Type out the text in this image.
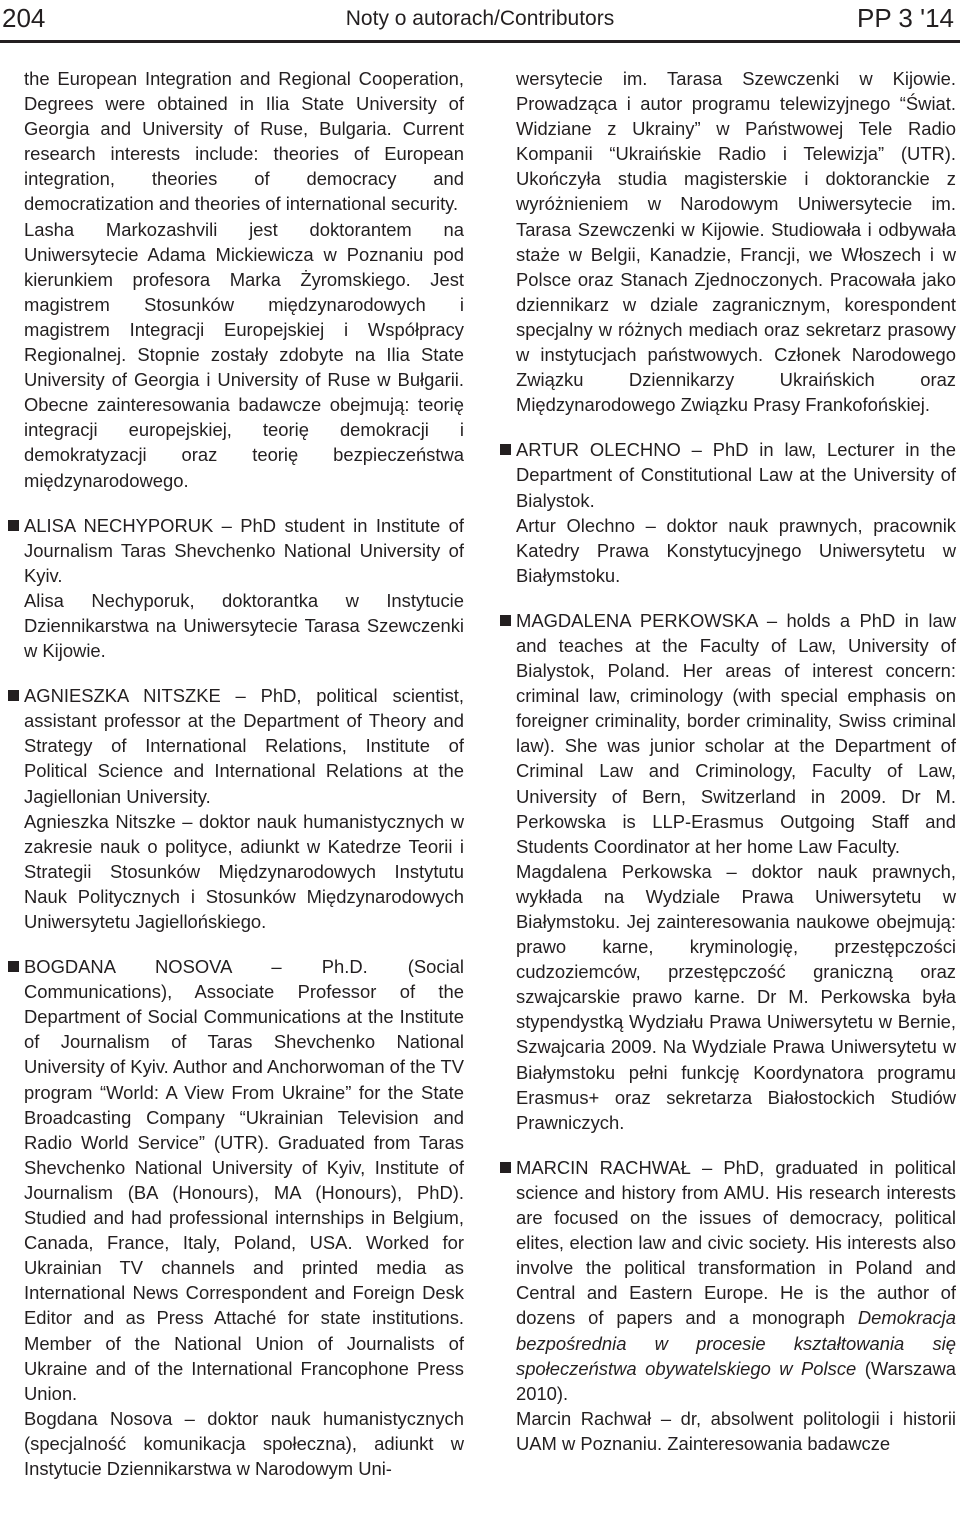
204	Noty o autorach/Contributors	PP 3 '14

the European Integration and Regional Cooperation, Degrees were obtained in Ilia State University of Georgia and University of Ruse, Bulgaria. Current research interests include: theories of European integration, theories of democracy and democratization and theories of international security.

Lasha Markozashvili jest doktorantem na Uniwersytecie Adama Mickiewicza w Poznaniu pod kierunkiem profesora Marka Żyromskiego. Jest magistrem Stosunków międzynarodowych i magistrem Integracji Europejskiej i Współpracy Regionalnej. Stopnie zostały zdobyte na Ilia State University of Georgia i University of Ruse w Bułgarii. Obecne zainteresowania badawcze obejmują: teorię integracji europejskiej, teorię demokracji i demokratyzacji oraz teorię bezpieczeństwa międzynarodowego.

ALISA NECHYPORUK – PhD student in Institute of Journalism Taras Shevchenko National University of Kyiv.

Alisa Nechyporuk, doktorantka w Instytucie Dziennikarstwa na Uniwersytecie Tarasa Szewczenki w Kijowie.

AGNIESZKA NITSZKE – PhD, political scientist, assistant professor at the Department of Theory and Strategy of International Relations, Institute of Political Science and International Relations at the Jagiellonian University.

Agnieszka Nitszke – doktor nauk humanistycznych w zakresie nauk o polityce, adiunkt w Katedrze Teorii i Strategii Stosunków Międzynarodowych Instytutu Nauk Politycznych i Stosunków Międzynarodowych Uniwersytetu Jagiellońskiego.

BOGDANA NOSOVA – Ph.D. (Social Communications), Associate Professor of the Department of Social Communications at the Institute of Journalism of Taras Shevchenko National University of Kyiv. Author and Anchorwoman of the TV program “World: A View From Ukraine” for the State Broadcasting Company “Ukrainian Television and Radio World Service” (UTR). Graduated from Taras Shevchenko National University of Kyiv, Institute of Journalism (BA (Honours), MA (Honours), PhD). Studied and had professional internships in Belgium, Canada, France, Italy, Poland, USA. Worked for Ukrainian TV channels and printed media as International News Correspondent and Foreign Desk Editor and as Press Attaché for state institutions. Member of the National Union of Journalists of Ukraine and of the International Francophone Press Union.

Bogdana Nosova – doktor nauk humanistycznych (specjalność komunikacja społeczna), adiunkt w Instytucie Dziennikarstwa w Narodowym Uni-

wersytecie im. Tarasa Szewczenki w Kijowie. Prowadząca i autor programu telewizyjnego “Świat. Widziane z Ukrainy” w Państwowej Tele Radio Kompanii “Ukraińskie Radio i Telewizja” (UTR). Ukończyła studia magisterskie i doktoranckie z wyróżnieniem w Narodowym Uniwersytecie im. Tarasa Szewczenki w Kijowie. Studiowała i odbywała staże w Belgii, Kanadzie, Francji, we Włoszech i w Polsce oraz Stanach Zjednoczonych. Pracowała jako dziennikarz w dziale zagranicznym, korespondent specjalny w różnych mediach oraz sekretarz prasowy w instytucjach państwowych. Członek Narodowego Związku Dziennikarzy Ukraińskich oraz Międzynarodowego Związku Prasy Frankofońskiej.

ARTUR OLECHNO – PhD in law, Lecturer in the Department of Constitutional Law at the University of Bialystok.

Artur Olechno – doktor nauk prawnych, pracownik Katedry Prawa Konstytucyjnego Uniwersytetu w Białymstoku.

MAGDALENA PERKOWSKA – holds a PhD in law and teaches at the Faculty of Law, University of Bialystok, Poland. Her areas of interest concern: criminal law, criminology (with special emphasis on foreigner criminality, border criminality, Swiss criminal law). She was junior scholar at the Department of Criminal Law and Criminology, Faculty of Law, University of Bern, Switzerland in 2009. Dr M. Perkowska is LLP-Erasmus Outgoing Staff and Students Coordinator at her home Law Faculty.

Magdalena Perkowska – doktor nauk prawnych, wykłada na Wydziale Prawa Uniwersytetu w Białymstoku. Jej zainteresowania naukowe obejmują: prawo karne, kryminologię, przestępczości cudzoziemców, przestępczość graniczną oraz szwajcarskie prawo karne. Dr M. Perkowska była stypendystką Wydziału Prawa Uniwersytetu w Bernie, Szwajcaria 2009. Na Wydziale Prawa Uniwersytetu w Białymstoku pełni funkcję Koordynatora programu Erasmus+ oraz sekretarza Białostockich Studiów Prawniczych.

MARCIN RACHWAŁ – PhD, graduated in political science and history from AMU. His research interests are focused on the issues of democracy, political elites, election law and civic society. His interests also involve the political transformation in Poland and Central and Eastern Europe. He is the author of dozens of papers and a monograph Demokracja bezpośrednia w procesie kształtowania się społeczeństwa obywatelskiego w Polsce (Warszawa 2010).

Marcin Rachwał – dr, absolwent politologii i historii UAM w Poznaniu. Zainteresowania badawcze
